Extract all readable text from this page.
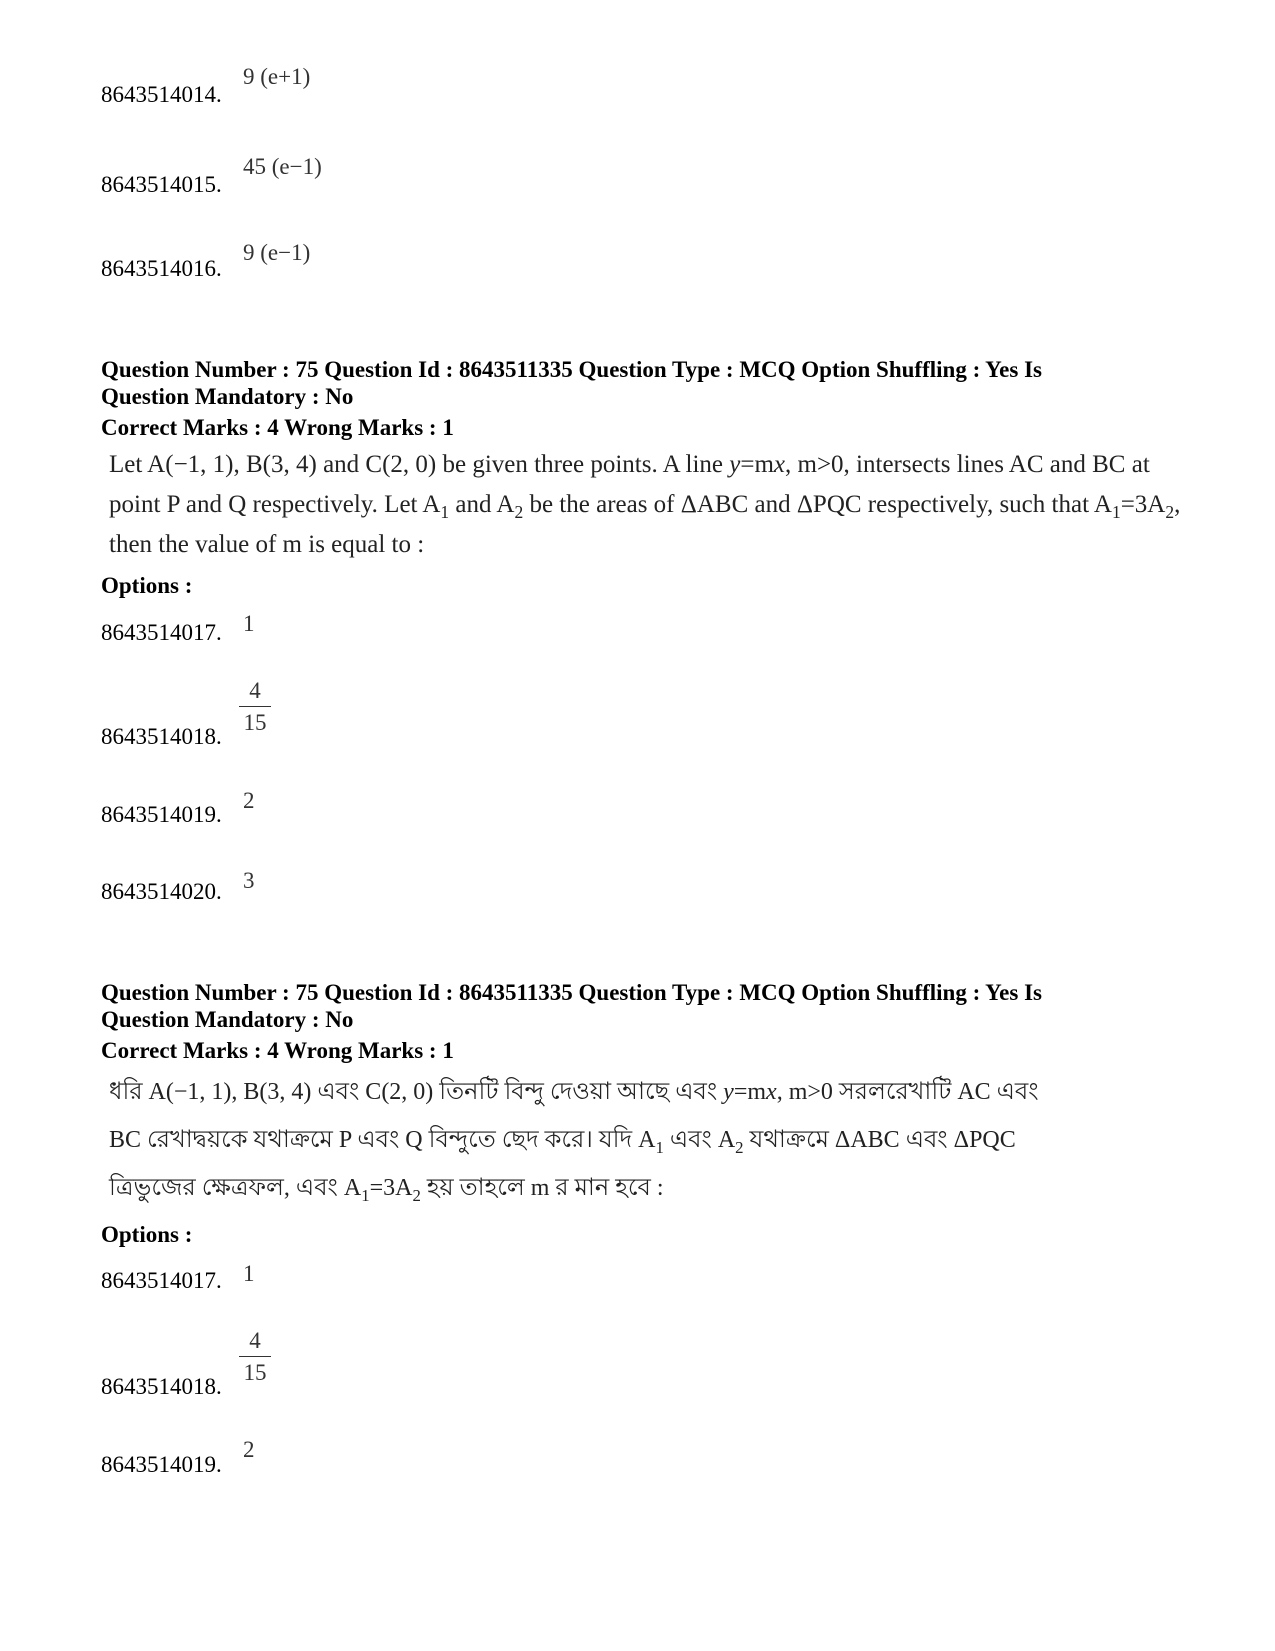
8643514014.
9 (e+1)
8643514015.
45 (e−1)
8643514016.
9 (e−1)
Question Number : 75 Question Id : 8643511335 Question Type : MCQ Option Shuffling : Yes Is
Question Mandatory : No
Correct Marks : 4 Wrong Marks : 1
Let A(−1, 1), B(3, 4) and C(2, 0) be given three points. A line y=mx, m>0, intersects lines AC and BC at point P and Q respectively. Let $A_1$ and $A_2$ be the areas of ΔABC and ΔPQC respectively, such that $A_1=3A_2$, then the value of m is equal to :
Options :
8643514017. 1
8643514018.
4
15
8643514019.
2
8643514020. 3
Question Number : 75 Question Id : 8643511335 Question Type : MCQ Option Shuffling : Yes Is
Question Mandatory : No
Correct Marks : 4 Wrong Marks : 1
ধরি A(−1, 1), B(3, 4) এবং C(2, 0) তিনটি বিন্দু দেওয়া আছে এবং y=mx, m>0 সরলরেখাটি AC এবং
BC রেখাদ্বয়কে যথাক্রমে P এবং Q বিন্দুতে ছেদ করে। যদি $A_1$ এবং $A_2$ যথাক্রমে ΔABC এবং ΔPQC
ত্রিভুজের ক্ষেত্রফল, এবং $A_1=3A_2$ হয় তাহলে m র মান হবে :
Options :
8643514017. 1
8643514018.
4
15
8643514019.
2
